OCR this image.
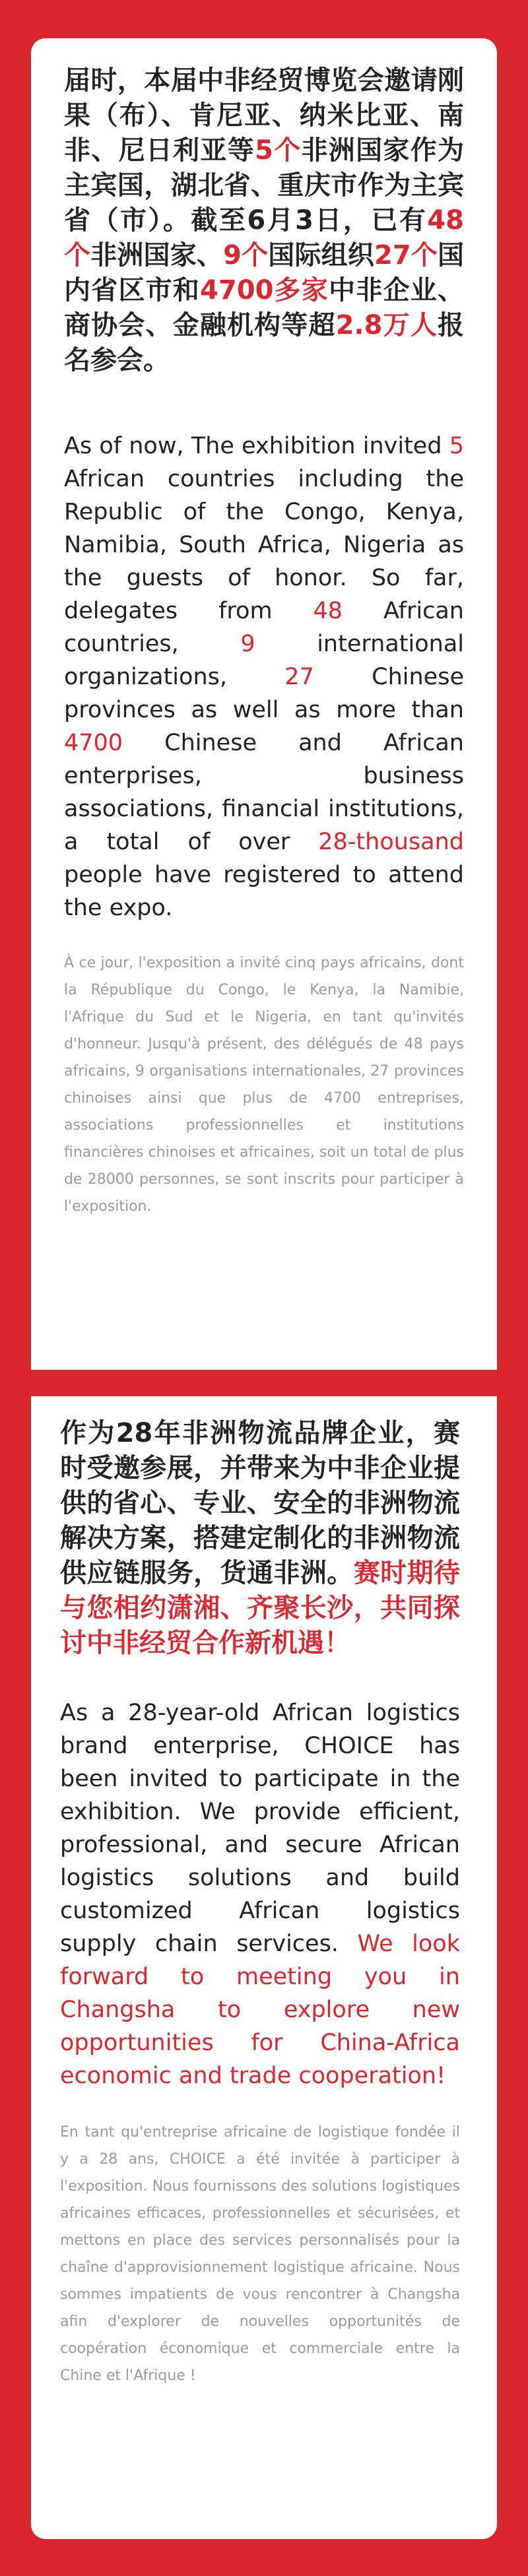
届时，本届中非经贸博览会邀请刚果（布）、肯尼亚、纳米比亚、南非、尼日利亚等5个非洲国家作为主宾国，湖北省、重庆市作为主宾省（市）。截至6月3日，已有48个非洲国家、9个国际组织27个国内省区市和4700多家中非企业、商协会、金融机构等超2.8万人报名参会。

As of now, The exhibition invited 5 African countries including the Republic of the Congo, Kenya, Namibia, South Africa, Nigeria as the guests of honor. So far, delegates from 48 African countries, 9 international organizations, 27 Chinese provinces as well as more than 4700 Chinese and African enterprises, business associations, financial institutions, a total of over 28-thousand people have registered to attend the expo.

À ce jour, l'exposition a invité cinq pays africains, dont la République du Congo, le Kenya, la Namibie, l'Afrique du Sud et le Nigeria, en tant qu'invités d'honneur. Jusqu'à présent, des délégués de 48 pays africains, 9 organisations internationales, 27 provinces chinoises ainsi que plus de 4700 entreprises, associations professionnelles et institutions financières chinoises et africaines, soit un total de plus de 28000 personnes, se sont inscrits pour participer à l'exposition.

作为28年非洲物流品牌企业，赛时受邀参展，并带来为中非企业提供的省心、专业、安全的非洲物流解决方案，搭建定制化的非洲物流供应链服务，货通非洲。赛时期待与您相约潇湘、齐聚长沙，共同探讨中非经贸合作新机遇！

As a 28-year-old African logistics brand enterprise, CHOICE has been invited to participate in the exhibition. We provide efficient, professional, and secure African logistics solutions and build customized African logistics supply chain services. We look forward to meeting you in Changsha to explore new opportunities for China-Africa economic and trade cooperation!

En tant qu'entreprise africaine de logistique fondée il y a 28 ans, CHOICE a été invitée à participer à l'exposition. Nous fournissons des solutions logistiques africaines efficaces, professionnelles et sécurisées, et mettons en place des services personnalisés pour la chaîne d'approvisionnement logistique africaine. Nous sommes impatients de vous rencontrer à Changsha afin d'explorer de nouvelles opportunités de coopération économique et commerciale entre la Chine et l'Afrique !
